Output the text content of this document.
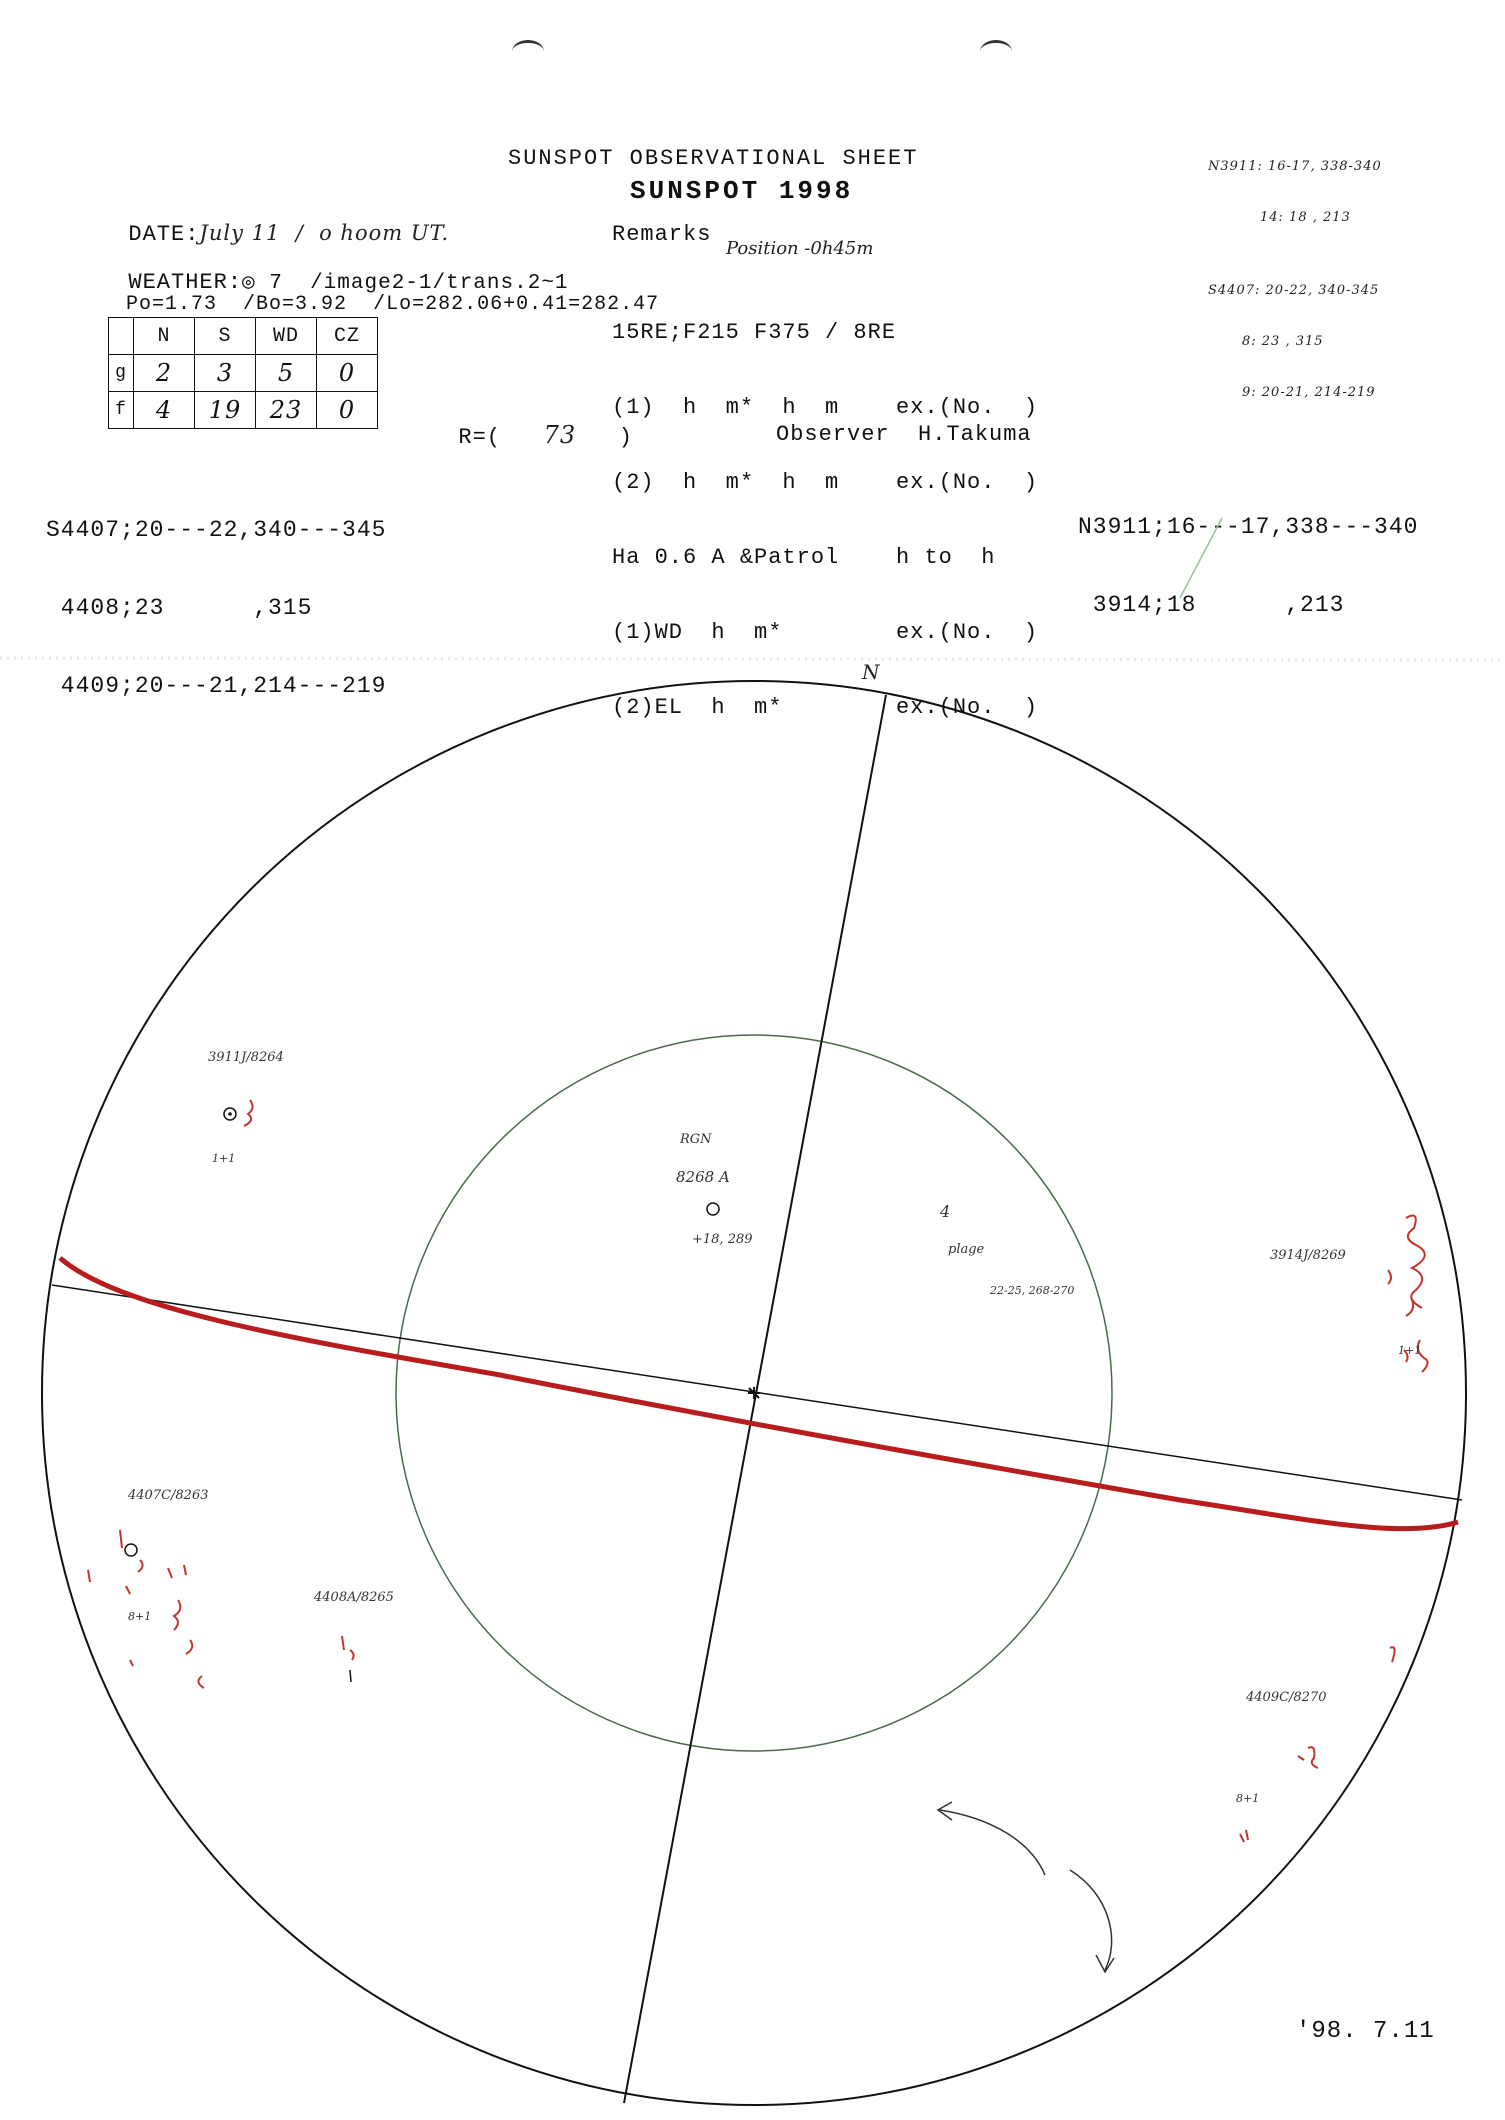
SUNSPOT OBSERVATIONAL SHEET
SUNSPOT 1998

N3911: 16-17, 338-340

14: 18 , 213

S4407: 20-22, 340-345

8: 23 , 315

9: 20-21, 214-219

DATE:July 11  /  o hoom UT.

WEATHER:◎ 7  /image2-1/trans.2~1

Po=1.73 /Bo=3.92 /Lo=282.06+0.41=282.47

	N	S	WD	CZ
g	2	3	5	0
f	4	19	23	0

R=( 73 )

Remarks
Position -0h45m

15RE;F215 F375 / 8RE

(1)  h  m*  h  m    ex.(No.  )

(2)  h  m*  h  m    ex.(No.  )

Ha 0.6 A &Patrol    h to  h

(1)WD  h  m*        ex.(No.  )

(2)EL  h  m*        ex.(No.  )

Observer  H.Takuma

S4407;20---22,340---345

4408;23      ,315

4409;20---21,214---219

N3911;16---17,338---340

3914;18      ,213

N
3911J/8264
1+1
RGN
8268 A
+18, 289
4
plage
22-25, 268-270
3914J/8269
1+1
4407C/8263
8+1
4408A/8265
4409C/8270
8+1
'98. 7.11
